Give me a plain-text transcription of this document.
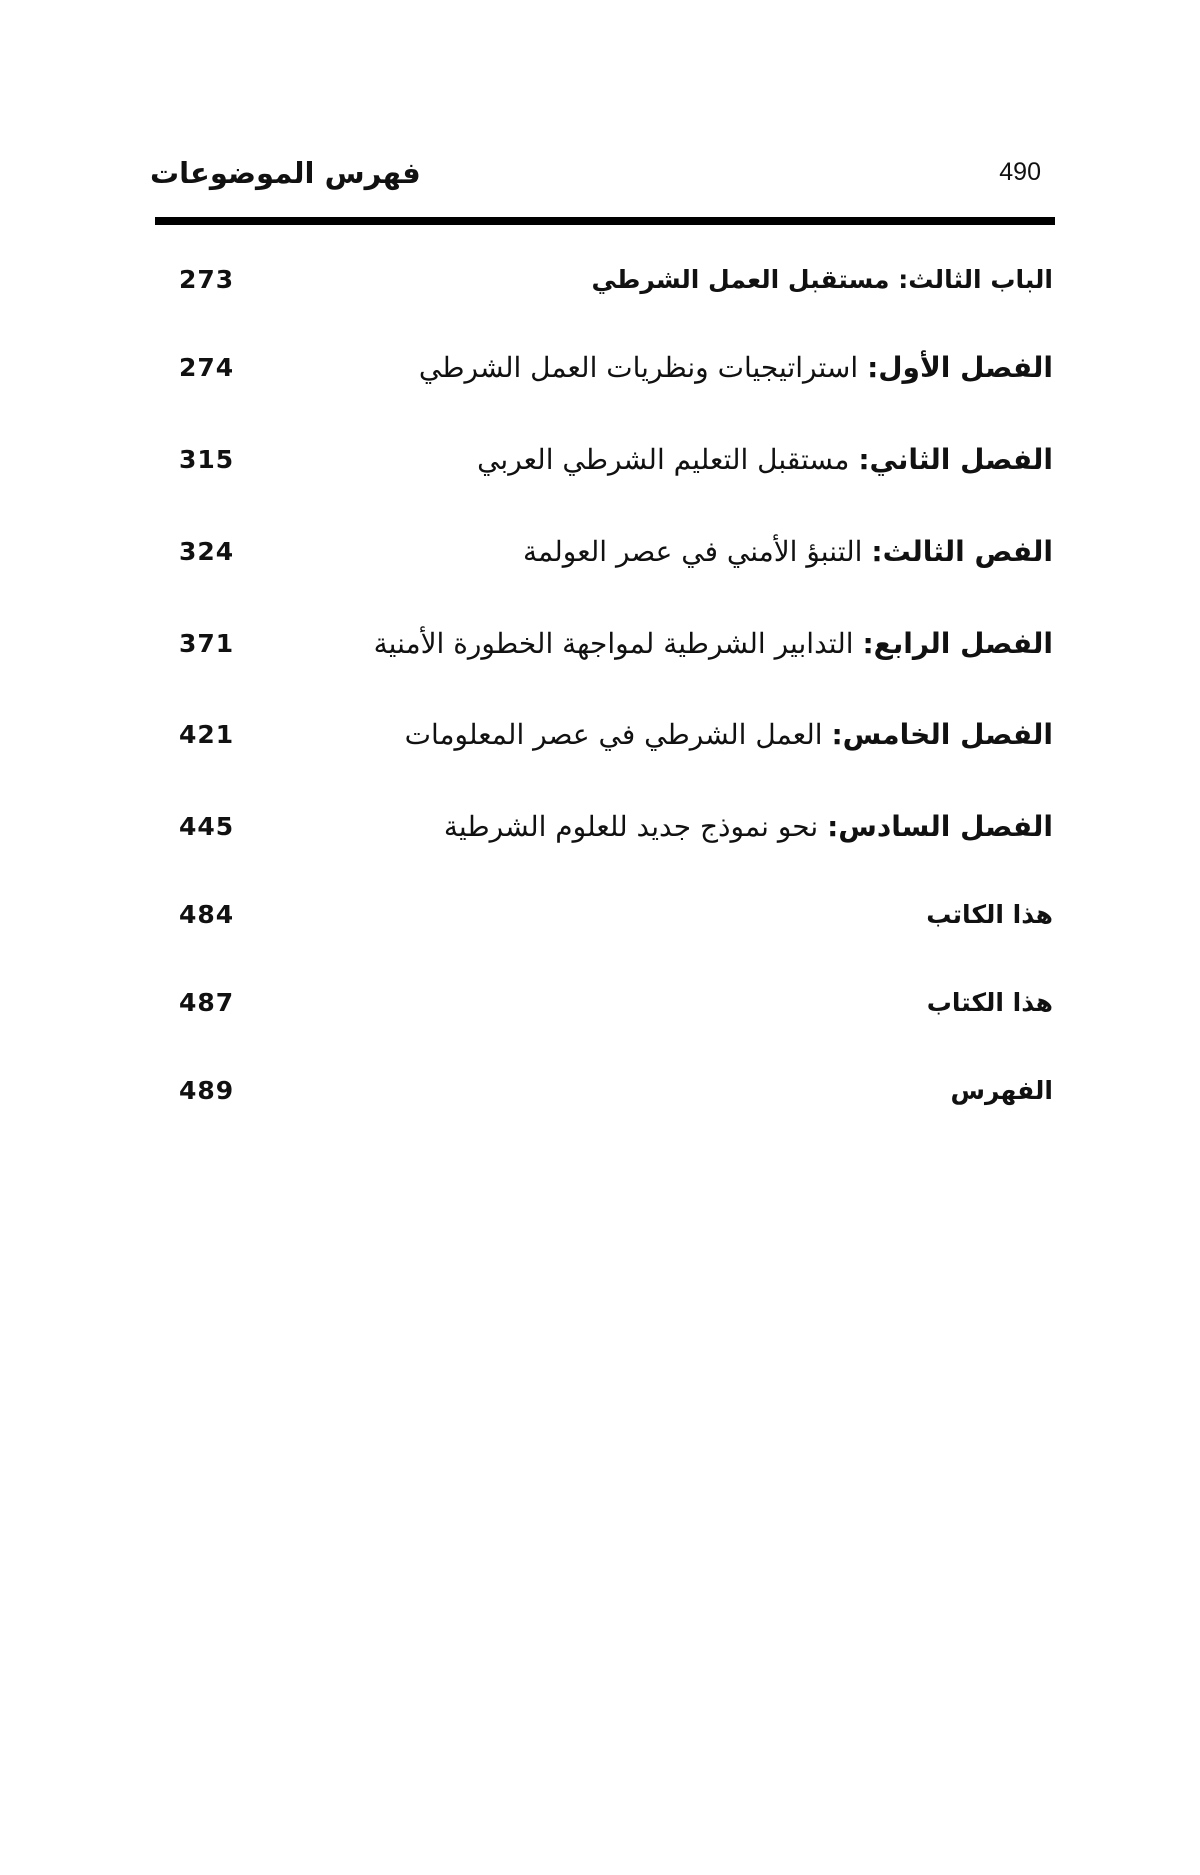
فهرس الموضوعات	490
الباب الثالث: مستقبل العمل الشرطي
273
الفصل الأول: استراتيجيات ونظريات العمل الشرطي
274
الفصل الثاني: مستقبل التعليم الشرطي العربي
315
الفص الثالث: التنبؤ الأمني في عصر العولمة
324
الفصل الرابع: التدابير الشرطية لمواجهة الخطورة الأمنية
371
الفصل الخامس: العمل الشرطي في عصر المعلومات
421
الفصل السادس: نحو نموذج جديد للعلوم الشرطية
445
هذا الكاتب
484
هذا الكتاب
487
الفهرس
489
